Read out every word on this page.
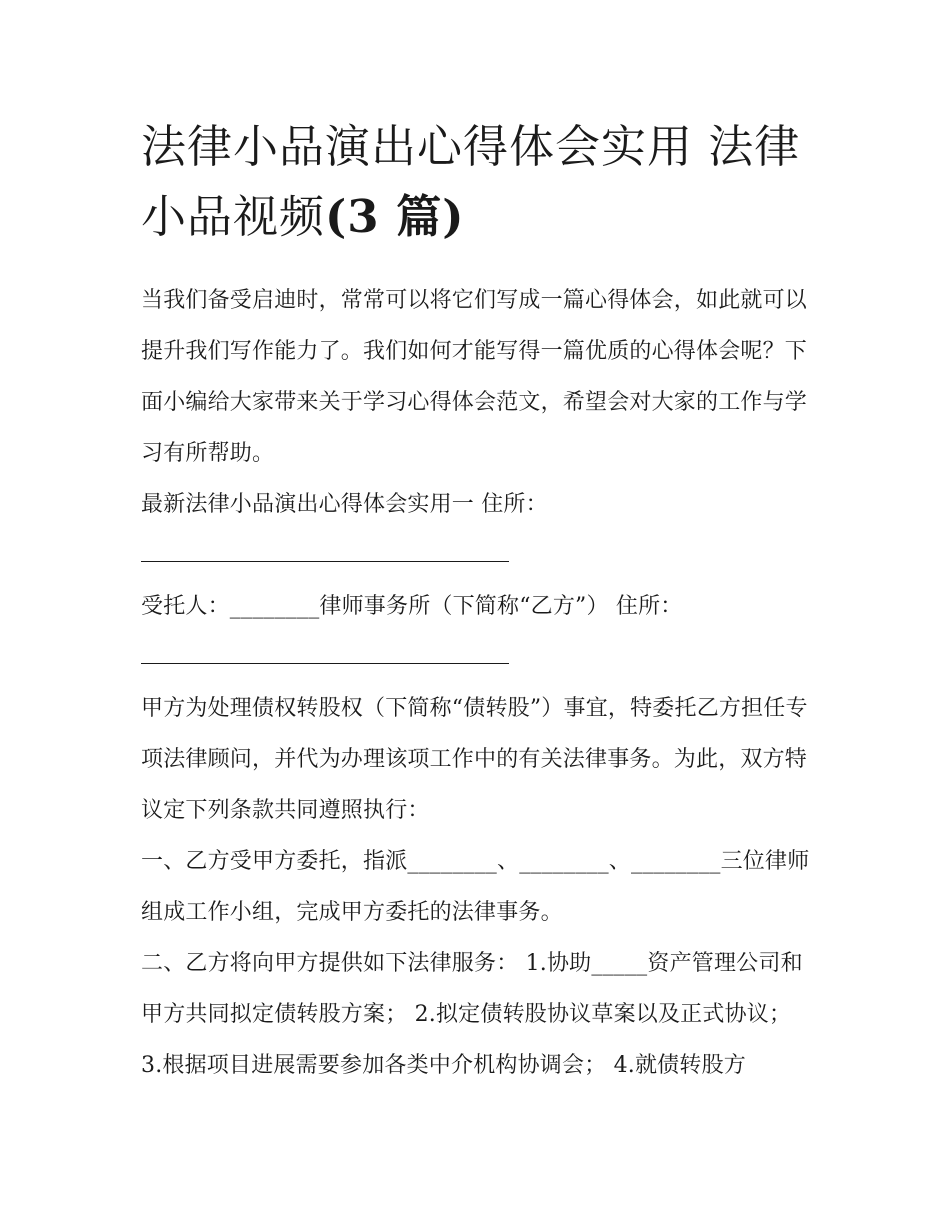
法律小品演出心得体会实用 法律小品视频(3 篇)

当我们备受启迪时，常常可以将它们写成一篇心得体会，如此就可以提升我们写作能力了。我们如何才能写得一篇优质的心得体会呢？下面小编给大家带来关于学习心得体会范文，希望会对大家的工作与学习有所帮助。

最新法律小品演出心得体会实用一 住所：

受托人：________律师事务所（下简称“乙方”） 住所：

甲方为处理债权转股权（下简称“债转股”）事宜，特委托乙方担任专项法律顾问，并代为办理该项工作中的有关法律事务。为此，双方特议定下列条款共同遵照执行：

一、乙方受甲方委托，指派________、________、________三位律师组成工作小组，完成甲方委托的法律事务。

二、乙方将向甲方提供如下法律服务： 1.协助_____资产管理公司和甲方共同拟定债转股方案； 2.拟定债转股协议草案以及正式协议；

3.根据项目进展需要参加各类中介机构协调会； 4.就债转股方
